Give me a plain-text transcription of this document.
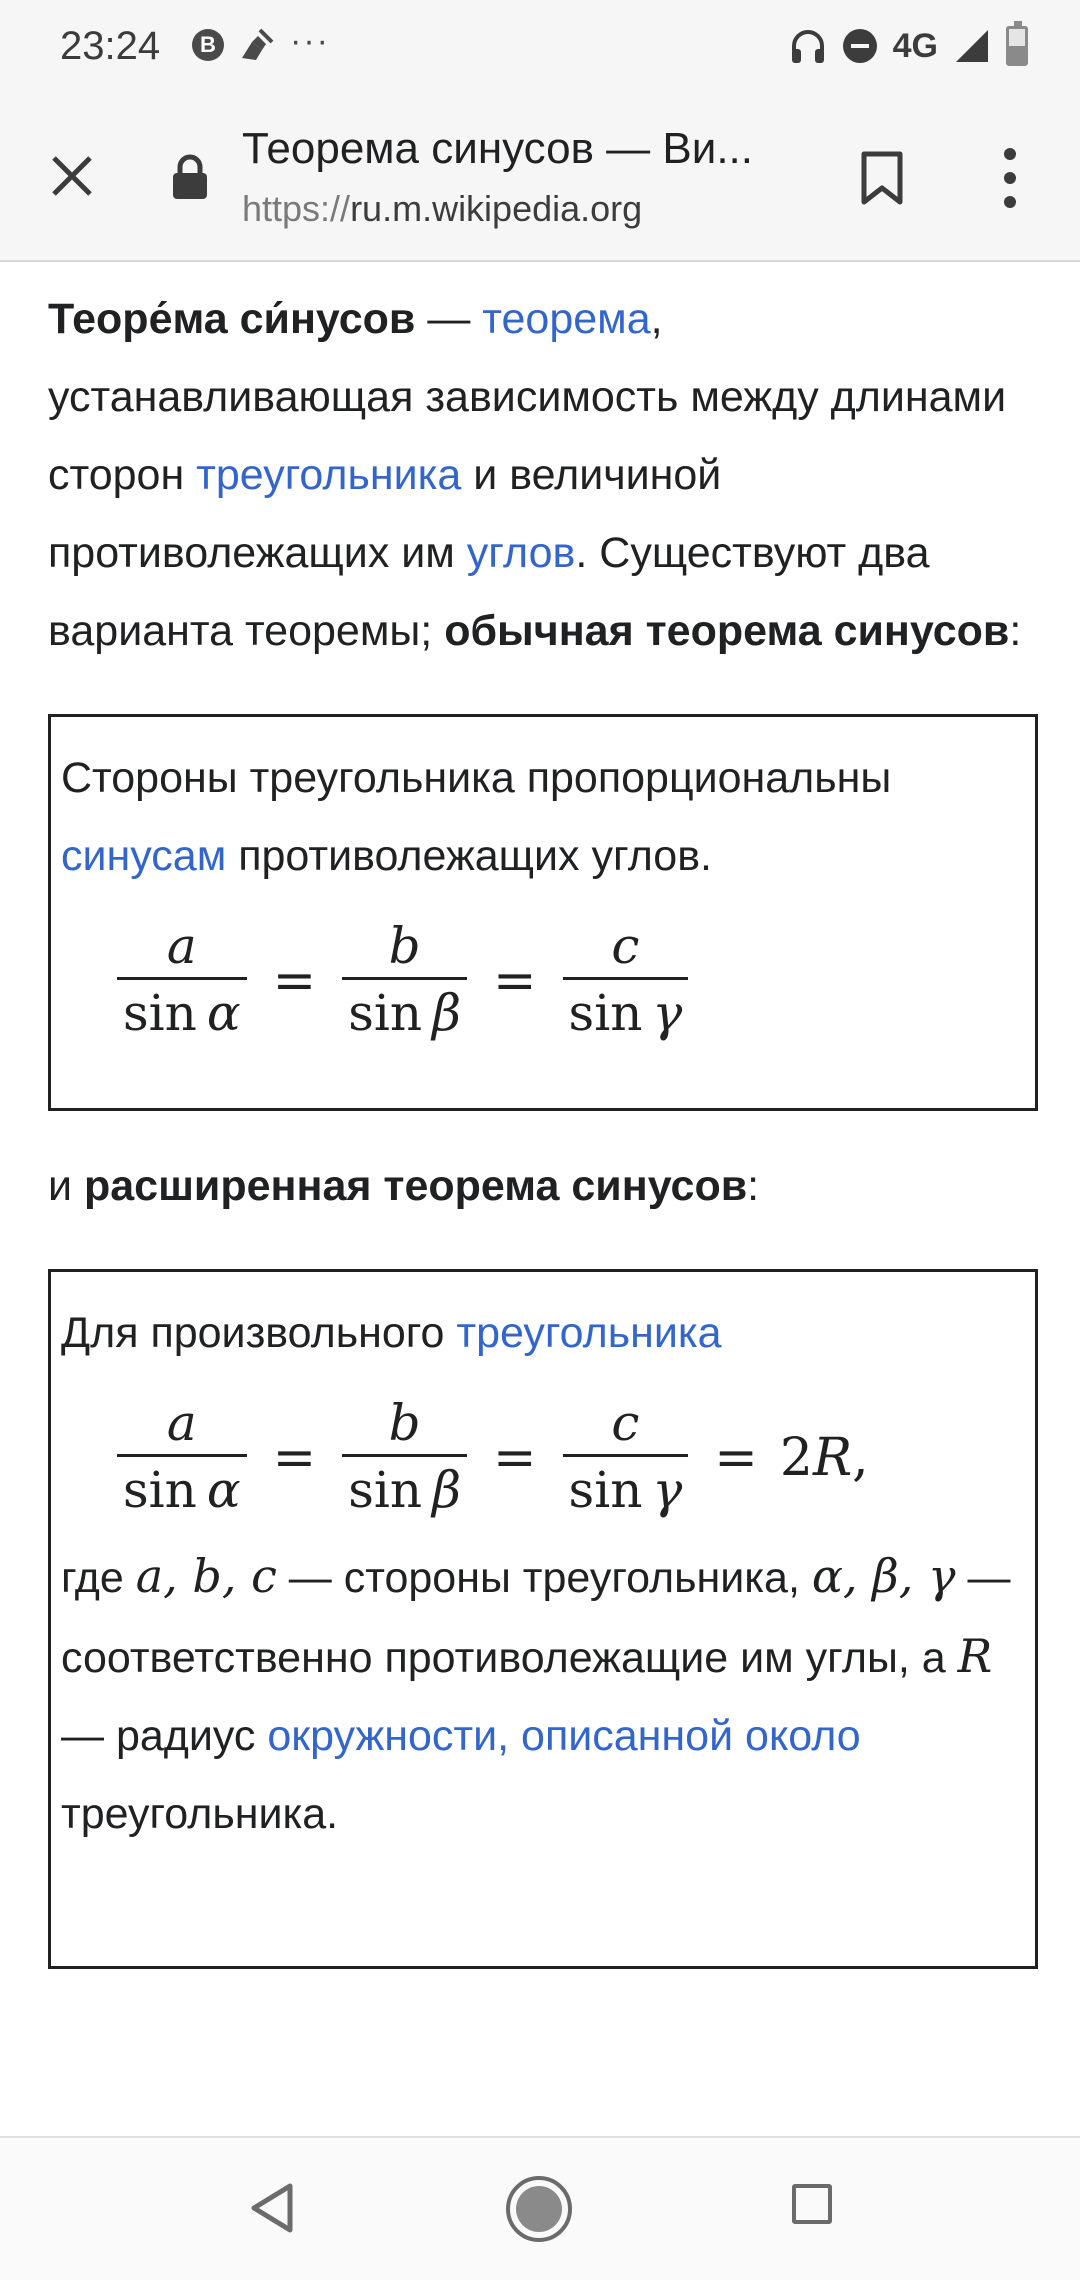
23:24	B ···	4G
Теорема синусов — Ви...
https://ru.m.wikipedia.org

Теоре́ма си́нусов — теорема, устанавливающая зависимость между длинами сторон треугольника и величиной противолежащих им углов. Существуют два варианта теоремы; обычная теорема синусов:

Стороны треугольника пропорциональны синусам противолежащих углов.

$\frac{a}{\text{sin  α}} = \frac{b}{\text{sin  β}} = \frac{c}{\text{sin  γ}}$

и расширенная теорема синусов:

Для произвольного треугольника

$\frac{a}{\text{sin  α}} = \frac{b}{\text{sin  β}} = \frac{c}{\text{sin  γ}} = 2R$,

где a, b, c — стороны треугольника, α, β, γ — соответственно противолежащие им углы, а R — радиус окружности, описанной около треугольника.
